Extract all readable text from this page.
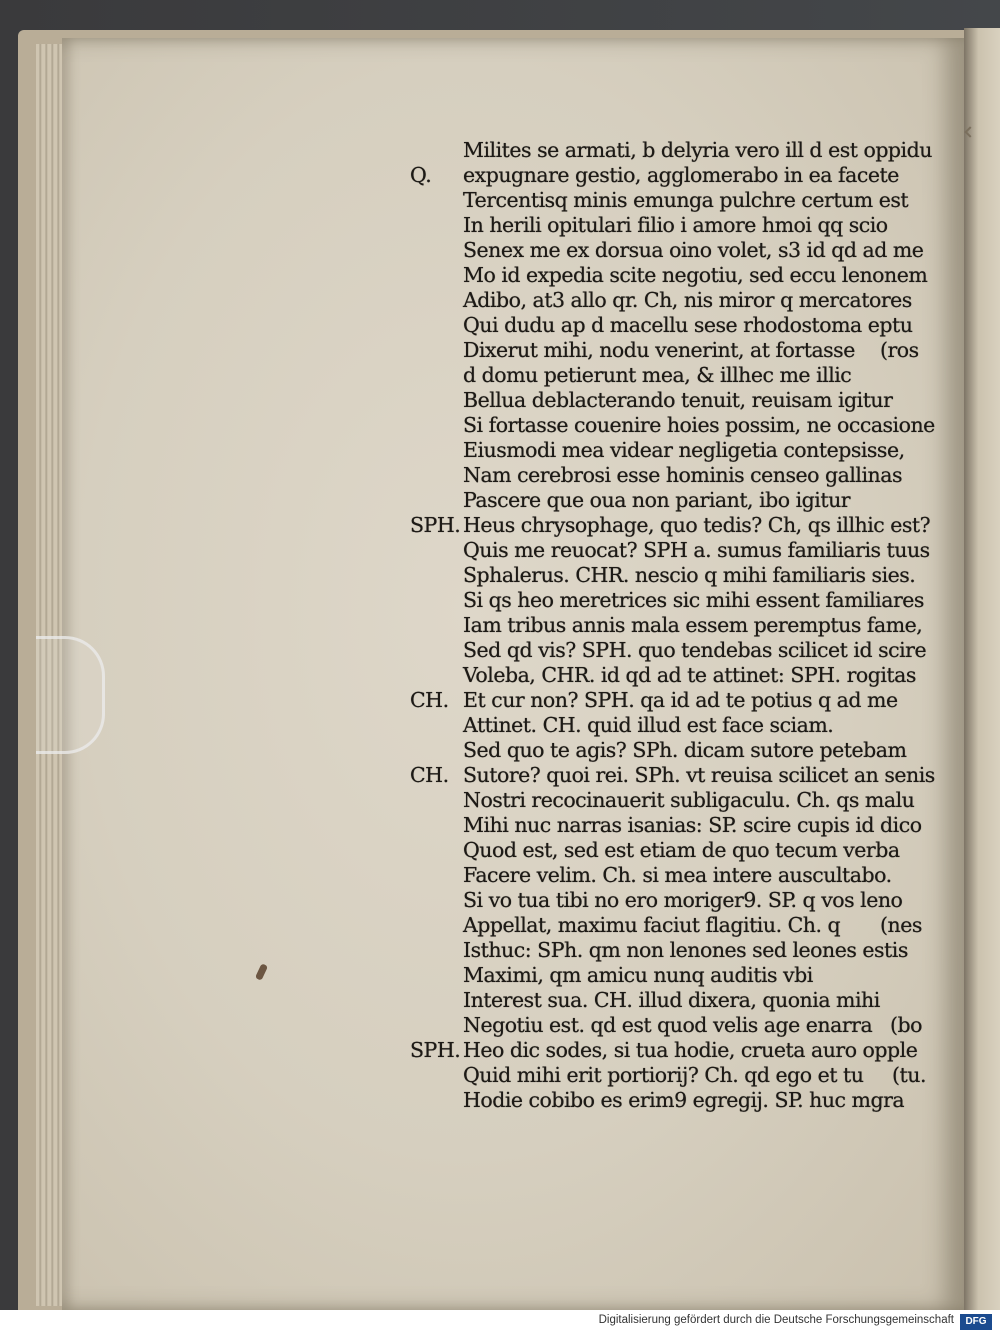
Milites se armati, b delyria vero ill d est oppidu
expugnare gestio, agglomerabo in ea facete
Tercentisq minis emunga pulchre certum est
In herili opitulari filio i amore hmoi qq scio
Senex me ex dorsua oino volet, s3 id qd ad me
Mo id expedia scite negotiu, sed eccu lenonem
Adibo, at3 allo qr. Ch, nis miror q mercatores
Qui dudu ap d macellu sese rhodostoma eptu
Dixerut mihi, nodu venerint, at fortasse
d domu petierunt mea, & illhec me illic
Bellua deblacterando tenuit, reuisam igitur
Si fortasse couenire hoies possim, ne occasione
Eiusmodi mea videar negligetia contepsisse,
Nam cerebrosi esse hominis censeo gallinas
Pascere que oua non pariant, ibo igitur
Heus chrysophage, quo tedis? Ch, qs illhic est?
Quis me reuocat? SPH a. sumus familiaris tuus
Sphalerus. CHR. nescio q mihi familiaris sies.
Si qs heo meretrices sic mihi essent familiares
Iam tribus annis mala essem peremptus fame,
Sed qd vis? SPH. quo tendebas scilicet id scire
Voleba, CHR. id qd ad te attinet: SPH. rogitas
Et cur non? SPH. qa id ad te potius q ad me
Attinet. CH. quid illud est face sciam.
Sed quo te agis? SPh. dicam sutore petebam
Sutore? quoi rei. SPh. vt reuisa scilicet an senis
Nostri recocinauerit subligaculu. Ch. qs malu
Mihi nuc narras isanias: SP. scire cupis id dico
Quod est, sed est etiam de quo tecum verba
Facere velim. Ch. si mea intere auscultabo.
Si vo tua tibi no ero moriger9. SP. q vos leno
Appellat, maximu faciut flagitiu. Ch. q
Isthuc: SPh. qm non lenones sed leones estis
Maximi, qm amicu nunq auditis vbi
Interest sua. CH. illud dixera, quonia mihi
Negotiu est. qd est quod velis age enarra
Heo dic sodes, si tua hodie, crueta auro opple
Quid mihi erit portiorij? Ch. qd ego et tu
Hodie cobibo es erim9 egregij. SP. huc mgra
Q.
SPH.
CH.
CH.
SPH.
(ros
(nes
(bo
(tu.
Digitalisierung gefördert durch die Deutsche Forschungsgemeinschaft	DFG
